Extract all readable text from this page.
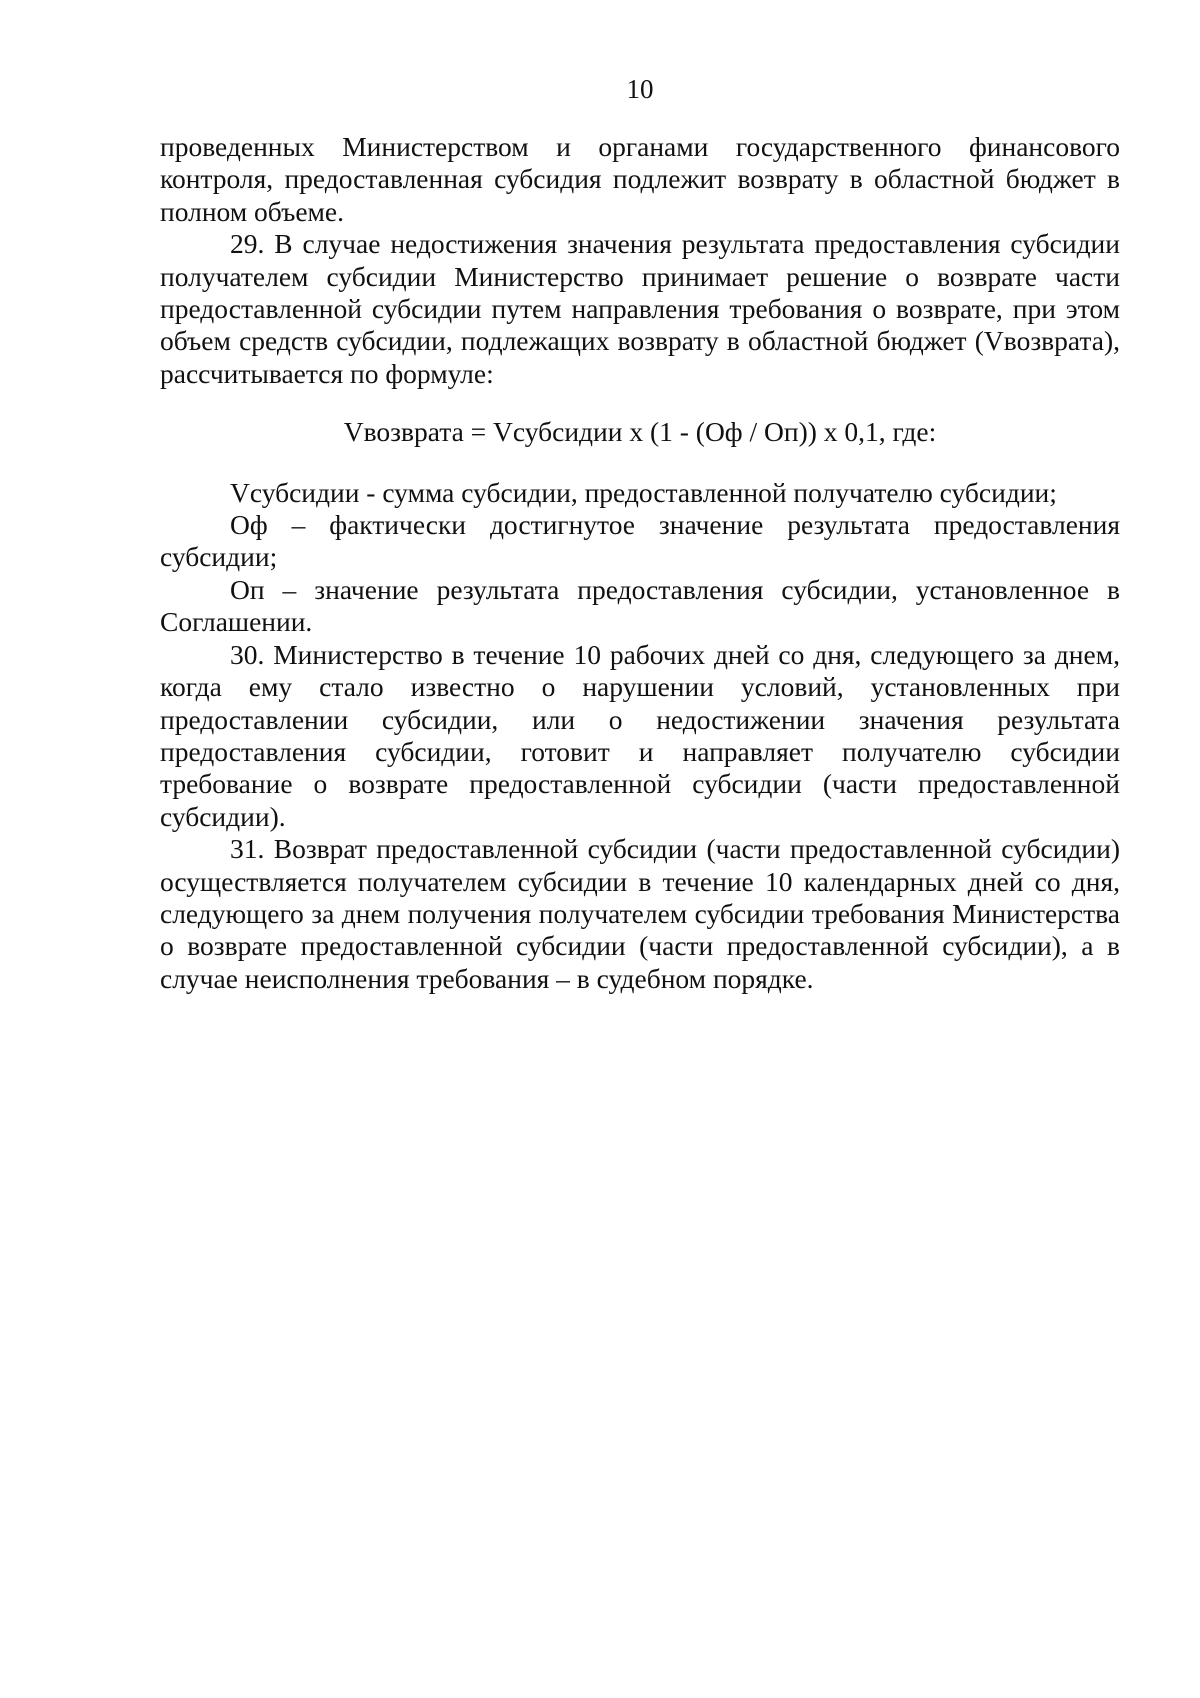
10

проведенных Министерством и органами государственного финансового контроля, предоставленная субсидия подлежит возврату в областной бюджет в полном объеме.

29. В случае недостижения значения результата предоставления субсидии получателем субсидии Министерство принимает решение о возврате части предоставленной субсидии путем направления требования о возврате, при этом объем средств субсидии, подлежащих возврату в областной бюджет (Vвозврата), рассчитывается по формуле:

Vвозврата = Vсубсидии x (1 - (Оф / Оп)) x 0,1, где:

Vсубсидии - сумма субсидии, предоставленной получателю субсидии;

Оф – фактически достигнутое значение результата предоставления субсидии;

Оп – значение результата предоставления субсидии, установленное в Соглашении.

30. Министерство в течение 10 рабочих дней со дня, следующего за днем, когда ему стало известно о нарушении условий, установленных при предоставлении субсидии, или о недостижении значения результата предоставления субсидии, готовит и направляет получателю субсидии требование о возврате предоставленной субсидии (части предоставленной субсидии).

31. Возврат предоставленной субсидии (части предоставленной субсидии) осуществляется получателем субсидии в течение 10 календарных дней со дня, следующего за днем получения получателем субсидии требования Министерства о возврате предоставленной субсидии (части предоставленной субсидии), а в случае неисполнения требования – в судебном порядке.
